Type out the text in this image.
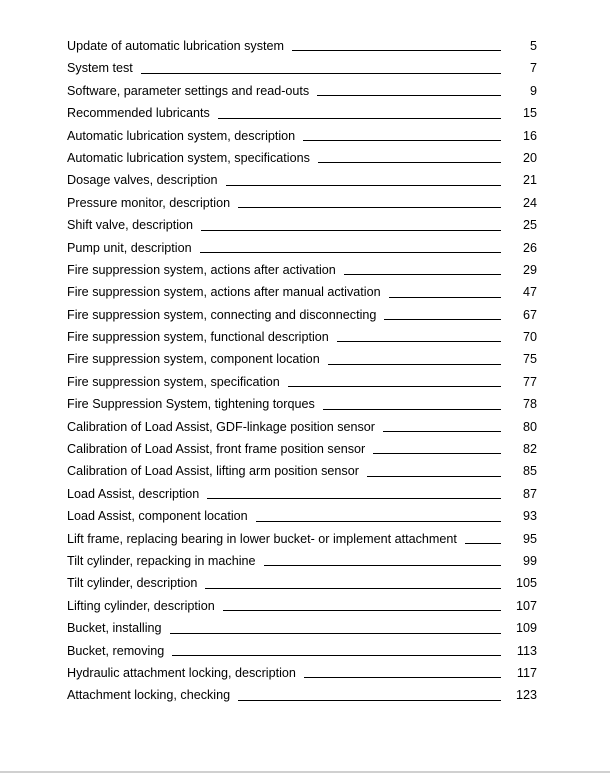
Update of automatic lubrication system	5
System test	7
Software, parameter settings and read-outs	9
Recommended lubricants	15
Automatic lubrication system, description	16
Automatic lubrication system, specifications	20
Dosage valves, description	21
Pressure monitor, description	24
Shift valve, description	25
Pump unit, description	26
Fire suppression system, actions after activation	29
Fire suppression system, actions after manual activation	47
Fire suppression system, connecting and disconnecting	67
Fire suppression system, functional description	70
Fire suppression system, component location	75
Fire suppression system, specification	77
Fire Suppression System, tightening torques	78
Calibration of Load Assist, GDF-linkage position sensor	80
Calibration of Load Assist, front frame position sensor	82
Calibration of Load Assist, lifting arm position sensor	85
Load Assist, description	87
Load Assist, component location	93
Lift frame, replacing bearing in lower bucket- or implement attachment	95
Tilt cylinder, repacking in machine	99
Tilt cylinder, description	105
Lifting cylinder, description	107
Bucket, installing	109
Bucket, removing	113
Hydraulic attachment locking, description	117
Attachment locking, checking	123
